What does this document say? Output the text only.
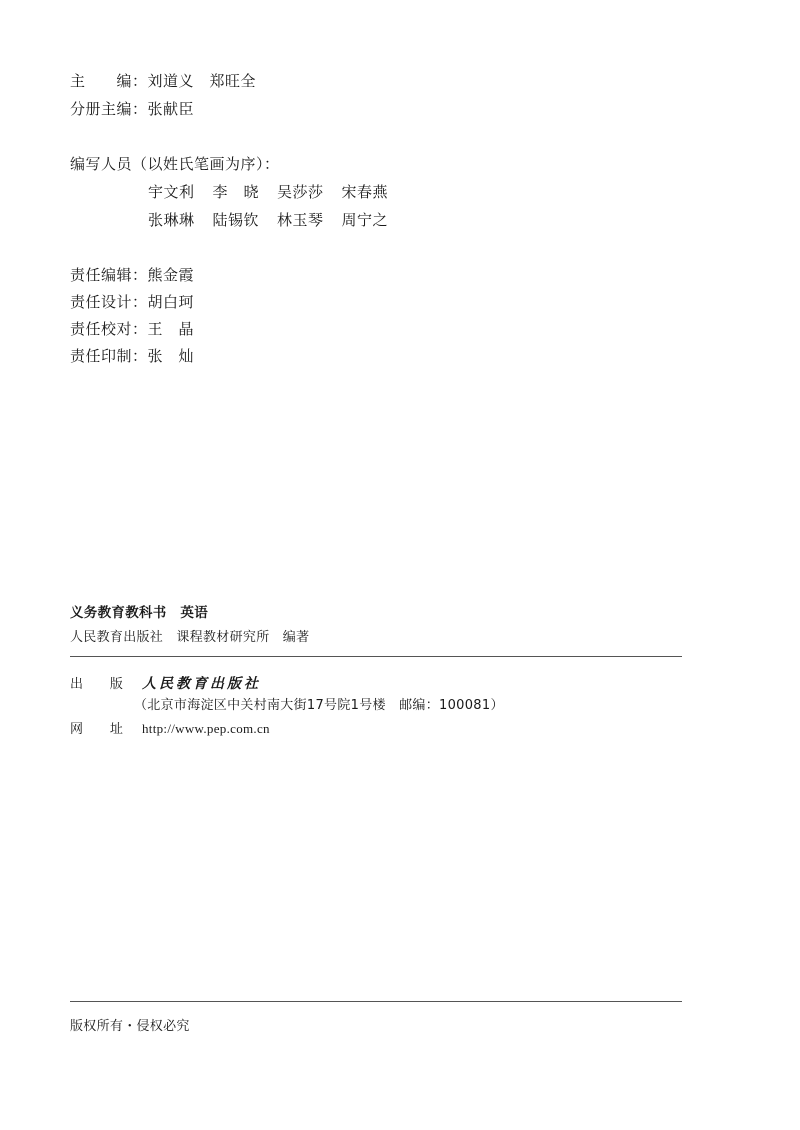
主　　编：刘道义　郑旺全
分册主编：张献臣
编写人员（以姓氏笔画为序）：
宇文利 李　晓 吴莎莎 宋春燕
张琳琳 陆锡钦 林玉琴 周宁之
责任编辑：熊金霞
责任设计：胡白珂
责任校对：王　晶
责任印制：张　灿
义务教育教科书　英语
人民教育出版社　课程教材研究所　编著
出　　版 人民教育出版社
（北京市海淀区中关村南大街17号院1号楼　邮编：100081）
网　　址 http://www.pep.com.cn
版权所有・侵权必究
